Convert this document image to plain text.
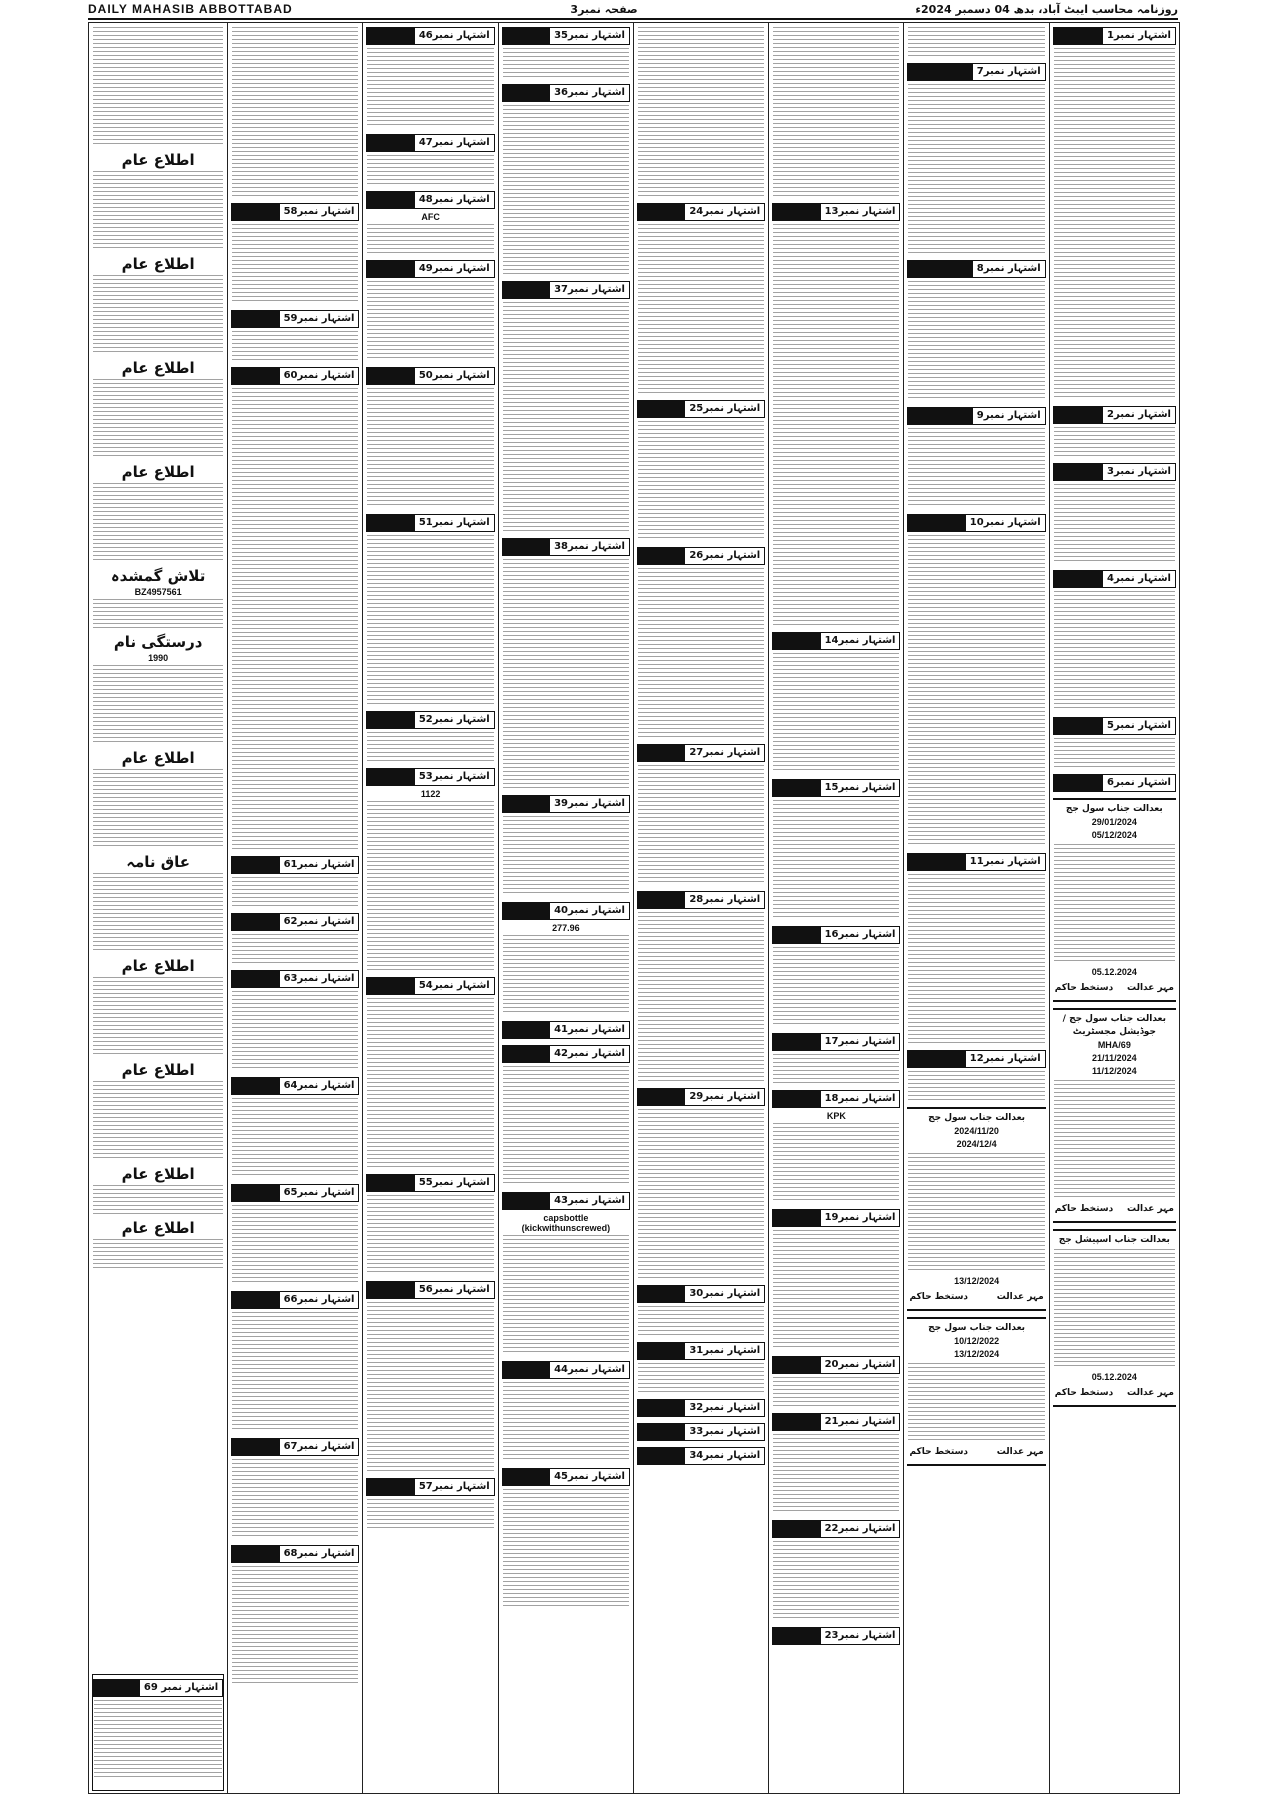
DAILY MAHASIB ABBOTTABAD	صفحہ نمبر3	روزنامہ محاسب ایبٹ آباد، بدھ 04 دسمبر 2024ء
اطلاع عام
اطلاع عام
اطلاع عام
اطلاع عام
تلاش گمشدہ
BZ4957561
درستگی نام
1990
اطلاع عام
عاق نامہ
اطلاع عام
اطلاع عام
اطلاع عام
اطلاع عام
اشتہار نمبر 69
اشتہار نمبر58
اشتہار نمبر59
اشتہار نمبر60
اشتہار نمبر61
اشتہار نمبر62
اشتہار نمبر63
اشتہار نمبر64
اشتہار نمبر65
اشتہار نمبر66
اشتہار نمبر67
اشتہار نمبر68
اشتہار نمبر46
اشتہار نمبر47
اشتہار نمبر48
AFC
اشتہار نمبر49
اشتہار نمبر50
اشتہار نمبر51
اشتہار نمبر52
اشتہار نمبر53
1122
اشتہار نمبر54
اشتہار نمبر55
اشتہار نمبر56
اشتہار نمبر57
اشتہار نمبر35
اشتہار نمبر36
اشتہار نمبر37
اشتہار نمبر38
اشتہار نمبر39
اشتہار نمبر40
277.96
اشتہار نمبر41
اشتہار نمبر42
اشتہار نمبر43
capsbottle (kickwithunscrewed)
اشتہار نمبر44
اشتہار نمبر45
اشتہار نمبر24
اشتہار نمبر25
اشتہار نمبر26
اشتہار نمبر27
اشتہار نمبر28
اشتہار نمبر29
اشتہار نمبر30
اشتہار نمبر31
اشتہار نمبر32
اشتہار نمبر33
اشتہار نمبر34
اشتہار نمبر13
اشتہار نمبر14
اشتہار نمبر15
اشتہار نمبر16
اشتہار نمبر17
اشتہار نمبر18
KPK
اشتہار نمبر19
اشتہار نمبر20
اشتہار نمبر21
اشتہار نمبر22
اشتہار نمبر23
اشتہار نمبر7
اشتہار نمبر8
اشتہار نمبر9
اشتہار نمبر10
اشتہار نمبر11
اشتہار نمبر12
بعدالت جناب سول جج
2024/11/20
2024/12/4
13/12/2024
دستخط حاکم	مہر عدالت
بعدالت جناب سول جج
10/12/2022
13/12/2024
دستخط حاکم	مہر عدالت
اشتہار نمبر1
اشتہار نمبر2
اشتہار نمبر3
اشتہار نمبر4
اشتہار نمبر5
اشتہار نمبر6
بعدالت جناب سول جج
29/01/2024
05/12/2024
05.12.2024
دستخط حاکم مہر عدالت
بعدالت جناب سول جج / جوڈیشل مجسٹریٹ
MHA/69
21/11/2024
11/12/2024
دستخط حاکم مہر عدالت
بعدالت جناب اسپیشل جج
05.12.2024
دستخط حاکم مہر عدالت
